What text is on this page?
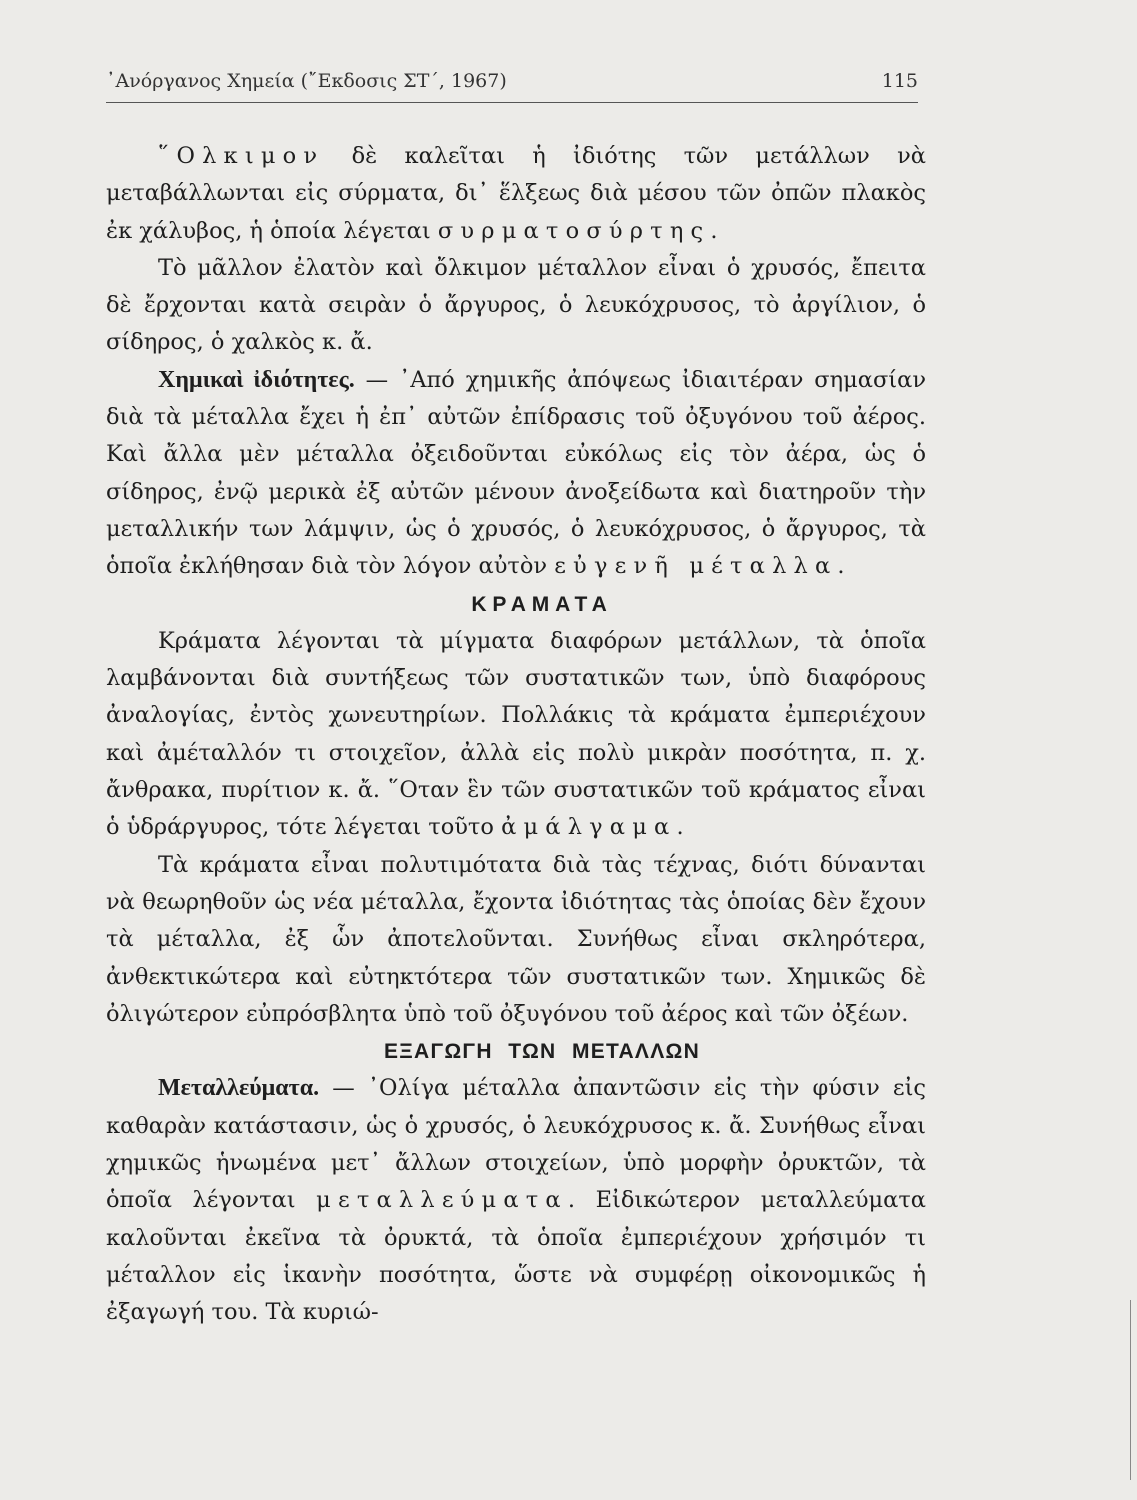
᾿Ανόργανος Χημεία (῎Εκδοσις ΣΤ΄, 1967)	115

῞Ολκιμον δὲ καλεῖται ἡ ἰδιότης τῶν μετάλλων νὰ μεταβάλλωνται εἰς σύρματα, δι᾿ ἕλξεως διὰ μέσου τῶν ὀπῶν πλακὸς ἐκ χάλυβος, ἡ ὁποία λέγεται συρματοσύρτης.

Τὸ μᾶλλον ἐλατὸν καὶ ὄλκιμον μέταλλον εἶναι ὁ χρυσός, ἔπειτα δὲ ἔρχονται κατὰ σειρὰν ὁ ἄργυρος, ὁ λευκόχρυσος, τὸ ἀργίλιον, ὁ σίδηρος, ὁ χαλκὸς κ. ἄ.

Χημικαὶ ἰδιότητες. — ᾿Από χημικῆς ἀπόψεως ἰδιαιτέραν σημασίαν διὰ τὰ μέταλλα ἔχει ἡ ἐπ᾿ αὐτῶν ἐπίδρασις τοῦ ὀξυγόνου τοῦ ἀέρος. Καὶ ἄλλα μὲν μέταλλα ὀξειδοῦνται εὐκόλως εἰς τὸν ἀέρα, ὡς ὁ σίδηρος, ἐνῷ μερικὰ ἐξ αὐτῶν μένουν ἀνοξείδωτα καὶ διατηροῦν τὴν μεταλλικήν των λάμψιν, ὡς ὁ χρυσός, ὁ λευκόχρυσος, ὁ ἄργυρος, τὰ ὁποῖα ἐκλήθησαν διὰ τὸν λόγον αὐτὸν εὐγενῆ μέταλλα.

ΚΡΑΜΑΤΑ

Κράματα λέγονται τὰ μίγματα διαφόρων μετάλλων, τὰ ὁποῖα λαμβάνονται διὰ συντήξεως τῶν συστατικῶν των, ὑπὸ διαφόρους ἀναλογίας, ἐντὸς χωνευτηρίων. Πολλάκις τὰ κράματα ἐμπεριέχουν καὶ ἀμέταλλόν τι στοιχεῖον, ἀλλὰ εἰς πολὺ μικρὰν ποσότητα, π. χ. ἄνθρακα, πυρίτιον κ. ἄ. ῞Οταν ἓν τῶν συστατικῶν τοῦ κράματος εἶναι ὁ ὑδράργυρος, τότε λέγεται τοῦτο ἀμάλγαμα.

Τὰ κράματα εἶναι πολυτιμότατα διὰ τὰς τέχνας, διότι δύνανται νὰ θεωρηθοῦν ὡς νέα μέταλλα, ἔχοντα ἰδιότητας τὰς ὁποίας δὲν ἔχουν τὰ μέταλλα, ἐξ ὧν ἀποτελοῦνται. Συνήθως εἶναι σκληρότερα, ἀνθεκτικώτερα καὶ εὐτηκτότερα τῶν συστατικῶν των. Χημικῶς δὲ ὀλιγώτερον εὐπρόσβλητα ὑπὸ τοῦ ὀξυγόνου τοῦ ἀέρος καὶ τῶν ὀξέων.

ΕΞΑΓΩΓΗ ΤΩΝ ΜΕΤΑΛΛΩΝ

Μεταλλεύματα. — ᾿Ολίγα μέταλλα ἀπαντῶσιν εἰς τὴν φύσιν εἰς καθαρὰν κατάστασιν, ὡς ὁ χρυσός, ὁ λευκόχρυσος κ. ἄ. Συνήθως εἶναι χημικῶς ἡνωμένα μετ᾿ ἄλλων στοιχείων, ὑπὸ μορφὴν ὀρυκτῶν, τὰ ὁποῖα λέγονται μεταλλεύματα. Εἰδικώτερον μεταλλεύματα καλοῦνται ἐκεῖνα τὰ ὀρυκτά, τὰ ὁποῖα ἐμπεριέχουν χρήσιμόν τι μέταλλον εἰς ἱκανὴν ποσότητα, ὥστε νὰ συμφέρῃ οἰκονομικῶς ἡ ἐξαγωγή του. Τὰ κυριώ-
